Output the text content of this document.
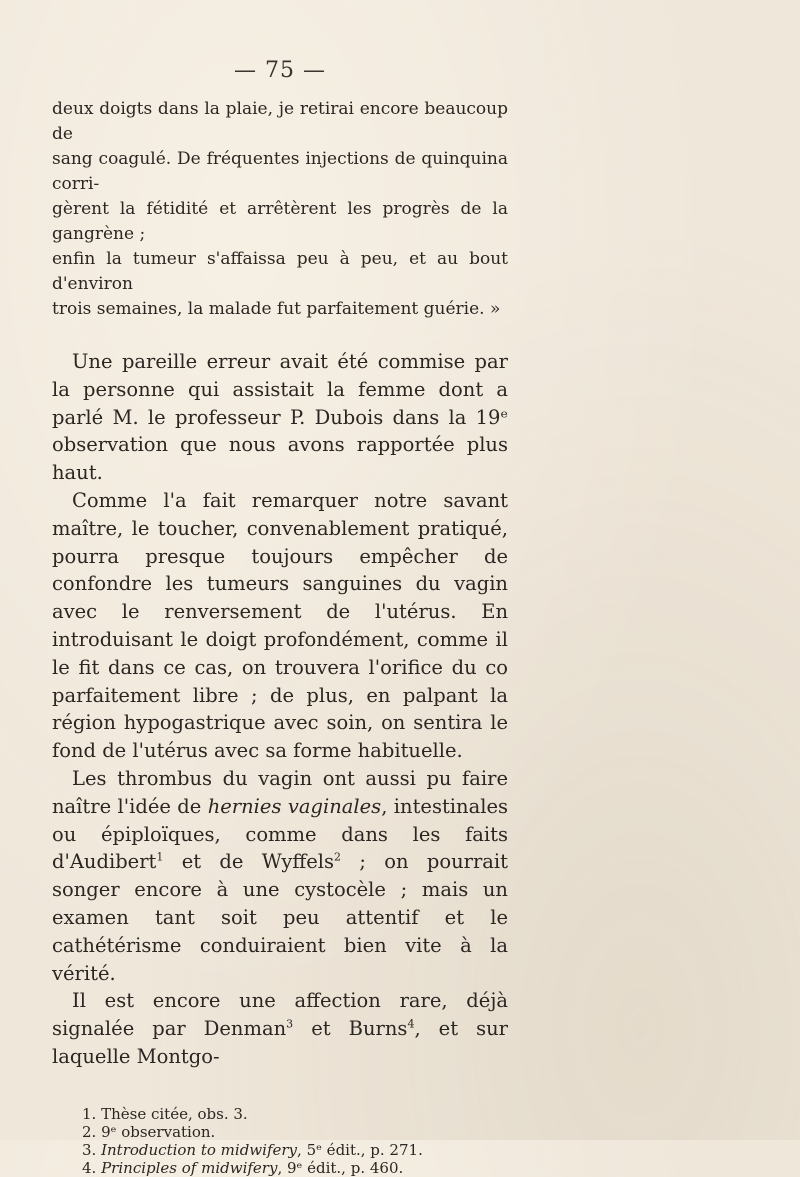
— 75 —
deux doigts dans la plaie, je retirai encore beaucoup de
sang coagulé. De fréquentes injections de quinquina corri-
gèrent la fétidité et arrêtèrent les progrès de la gangrène ;
enfin la tumeur s'affaissa peu à peu, et au bout d'environ
trois semaines, la malade fut parfaitement guérie. »

Une pareille erreur avait été commise par la personne qui assistait la femme dont a parlé M. le professeur P. Dubois dans la 19ᵉ observation que nous avons rapportée plus haut.

Comme l'a fait remarquer notre savant maître, le toucher, convenablement pratiqué, pourra presque toujours empêcher de confondre les tumeurs sanguines du vagin avec le renversement de l'utérus. En introduisant le doigt profondément, comme il le fit dans ce cas, on trouvera l'orifice du co parfaitement libre ; de plus, en palpant la région hypogastrique avec soin, on sentira le fond de l'utérus avec sa forme habituelle.

Les thrombus du vagin ont aussi pu faire naître l'idée de hernies vaginales, intestinales ou épiploïques, comme dans les faits d'Audibert$^1$ et de Wyffels$^2$ ; on pourrait songer encore à une cystocèle ; mais un examen tant soit peu attentif et le cathétérisme conduiraient bien vite à la vérité.

Il est encore une affection rare, déjà signalée par Denman$^3$ et Burns$^4$, et sur laquelle Montgo-

1. Thèse citée, obs. 3.

2. 9ᵉ observation.

3. Introduction to midwifery, 5ᵉ édit., p. 271.

4. Principles of midwifery, 9ᵉ édit., p. 460.
